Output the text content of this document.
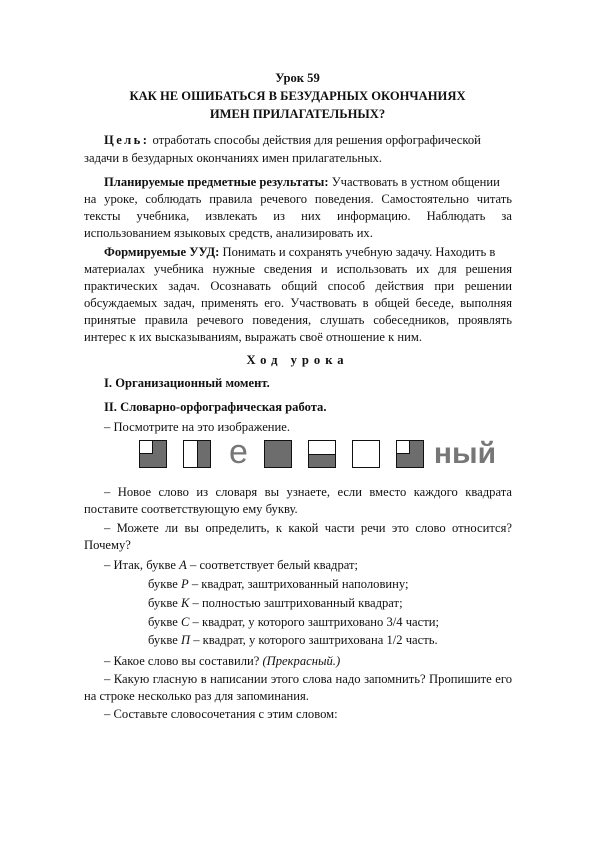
Урок 59
КАК НЕ ОШИБАТЬСЯ В БЕЗУДАРНЫХ ОКОНЧАНИЯХ
ИМЕН ПРИЛАГАТЕЛЬНЫХ?
Цель: отработать способы действия для решения орфографической
задачи в безударных окончаниях имен прилагательных.
Планируемые предметные результаты: Участвовать в устном общении
на уроке, соблюдать правила речевого поведения. Самостоятельно читать
тексты учебника, извлекать из них информацию. Наблюдать за
использованием языковых средств, анализировать их.
Формируемые УУД: Понимать и сохранять учебную задачу. Находить в
материалах учебника нужные сведения и использовать их для решения
практических задач. Осознавать общий способ действия при решении
обсуждаемых задач, применять его. Участвовать в общей беседе, выполняя
принятые правила речевого поведения, слушать собеседников, проявлять
интерес к их высказываниям, выражать своё отношение к ним.
Ход урока
I. Организационный момент.
II. Словарно-орфографическая работа.
– Посмотрите на это изображение.
е	ный
– Новое слово из словаря вы узнаете, если вместо каждого квадрата
поставите соответствующую ему букву.
– Можете ли вы определить, к какой части речи это слово относится?
Почему?
– Итак, букве А – соответствует белый квадрат;
букве Р – квадрат, заштрихованный наполовину;
букве К – полностью заштрихованный квадрат;
букве С – квадрат, у которого заштриховано 3/4 части;
букве П – квадрат, у которого заштрихована 1/2 часть.
– Какое слово вы составили? (Прекрасный.)
– Какую гласную в написании этого слова надо запомнить? Пропишите его
на строке несколько раз для запоминания.
– Составьте словосочетания с этим словом:
